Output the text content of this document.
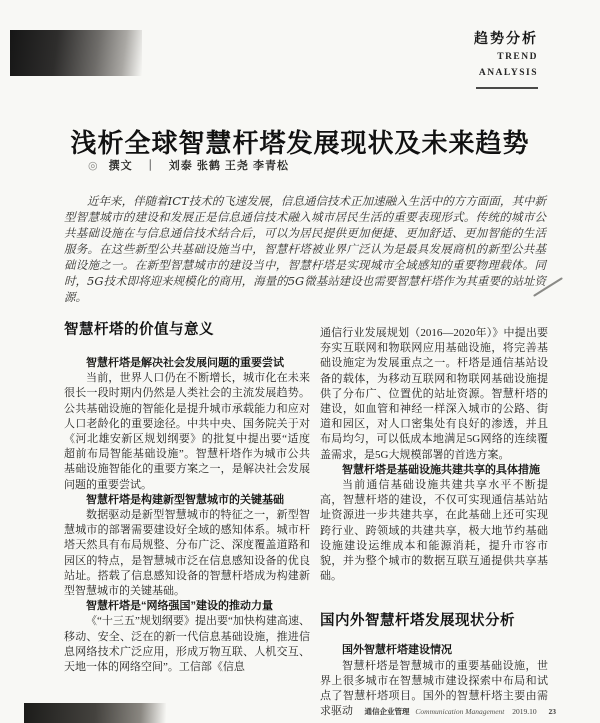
趋势分析
TREND
ANALYSIS
浅析全球智慧杆塔发展现状及未来趋势
◎ 撰文 ｜ 刘泰 张鹤 王尧 李青松
近年来，伴随着ICT技术的飞速发展，信息通信技术正加速融入生活中的方方面面，其中新型智慧城市的建设和发展正是信息通信技术融入城市居民生活的重要表现形式。传统的城市公共基础设施在与信息通信技术结合后，可以为居民提供更加便捷、更加舒适、更加智能的生活服务。在这些新型公共基础设施当中，智慧杆塔被业界广泛认为是最具发展商机的新型公共基础设施之一。在新型智慧城市的建设当中，智慧杆塔是实现城市全域感知的重要物理载体。同时，5G技术即将迎来规模化的商用，海量的5G微基站建设也需要智慧杆塔作为其重要的站址资源。
智慧杆塔的价值与意义

智慧杆塔是解决社会发展问题的重要尝试

当前，世界人口仍在不断增长，城市化在未来很长一段时期内仍然是人类社会的主流发展趋势。公共基础设施的智能化是提升城市承载能力和应对人口老龄化的重要途径。中共中央、国务院关于对《河北雄安新区规划纲要》的批复中提出要“适度超前布局智能基础设施”。智慧杆塔作为城市公共基础设施智能化的重要方案之一，是解决社会发展问题的重要尝试。

智慧杆塔是构建新型智慧城市的关键基础

数据驱动是新型智慧城市的特征之一，新型智慧城市的部署需要建设好全域的感知体系。城市杆塔天然具有布局规整、分布广泛、深度覆盖道路和园区的特点，是智慧城市泛在信息感知设备的优良站址。搭载了信息感知设备的智慧杆塔成为构建新型智慧城市的关键基础。

智慧杆塔是“网络强国”建设的推动力量

《“十三五”规划纲要》提出要“加快构建高速、移动、安全、泛在的新一代信息基础设施，推进信息网络技术广泛应用，形成万物互联、人机交互、天地一体的网络空间”。工信部《信息

通信行业发展规划（2016—2020年）》中提出要夯实互联网和物联网应用基础设施，将完善基础设施定为发展重点之一。杆塔是通信基站设备的载体，为移动互联网和物联网基础设施提供了分布广、位置优的站址资源。智慧杆塔的建设，如血管和神经一样深入城市的公路、街道和园区，对人口密集处有良好的渗透，并且布局均匀，可以低成本地满足5G网络的连续覆盖需求，是5G大规模部署的首选方案。

智慧杆塔是基础设施共建共享的具体措施

当前通信基础设施共建共享水平不断提高，智慧杆塔的建设，不仅可实现通信基站站址资源进一步共建共享，在此基础上还可实现跨行业、跨领域的共建共享，极大地节约基础设施建设运维成本和能源消耗，提升市容市貌，并为整个城市的数据互联互通提供共享基础。

国内外智慧杆塔发展现状分析

国外智慧杆塔建设情况

智慧杆塔是智慧城市的重要基础设施，世界上很多城市在智慧城市建设探索中布局和试点了智慧杆塔项目。国外的智慧杆塔主要由需求驱动	通信企业管理 Communication Management 2019.10 23
